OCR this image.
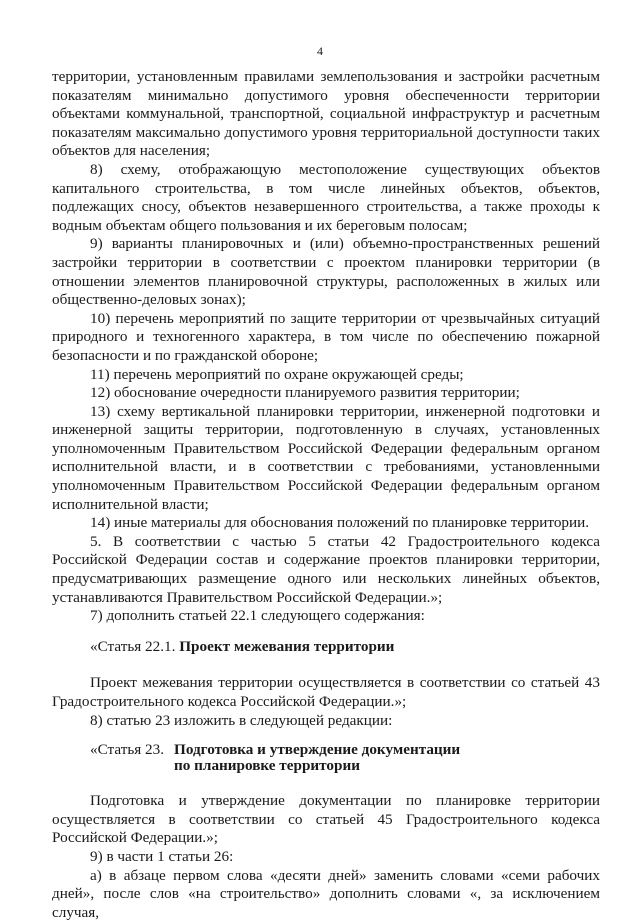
4

территории, установленным правилами землепользования и застройки расчетным показателям минимально допустимого уровня обеспеченности территории объектами коммунальной, транспортной, социальной инфраструктур и расчетным показателям максимально допустимого уровня территориальной доступности таких объектов для населения;

8) схему, отображающую местоположение существующих объектов капитального строительства, в том числе линейных объектов, объектов, подлежащих сносу, объектов незавершенного строительства, а также проходы к водным объектам общего пользования и их береговым полосам;

9) варианты планировочных и (или) объемно-пространственных решений застройки территории в соответствии с проектом планировки территории (в отношении элементов планировочной структуры, расположенных в жилых или общественно-деловых зонах);

10) перечень мероприятий по защите территории от чрезвычайных ситуаций природного и техногенного характера, в том числе по обеспечению пожарной безопасности и по гражданской обороне;

11) перечень мероприятий по охране окружающей среды;

12) обоснование очередности планируемого развития территории;

13) схему вертикальной планировки территории, инженерной подготовки и инженерной защиты территории, подготовленную в случаях, установленных уполномоченным Правительством Российской Федерации федеральным органом исполнительной власти, и в соответствии с требованиями, установленными уполномоченным Правительством Российской Федерации федеральным органом исполнительной власти;

14) иные материалы для обоснования положений по планировке территории.

5. В соответствии с частью 5 статьи 42 Градостроительного кодекса Российской Федерации состав и содержание проектов планировки территории, предусматривающих размещение одного или нескольких линейных объектов, устанавливаются Правительством Российской Федерации.»;

7) дополнить статьей 22.1 следующего содержания:

«Статья 22.1. Проект межевания территории

Проект межевания территории осуществляется в соответствии со статьей 43 Градостроительного кодекса Российской Федерации.»;

8) статью 23 изложить в следующей редакции:

«Статья 23. Подготовка и утверждение документации
по планировке территории

Подготовка и утверждение документации по планировке территории осуществляется в соответствии со статьей 45 Градостроительного кодекса Российской Федерации.»;

9) в части 1 статьи 26:

а) в абзаце первом слова «десяти дней» заменить словами «семи рабочих дней», после слов «на строительство» дополнить словами «, за исключением случая,
